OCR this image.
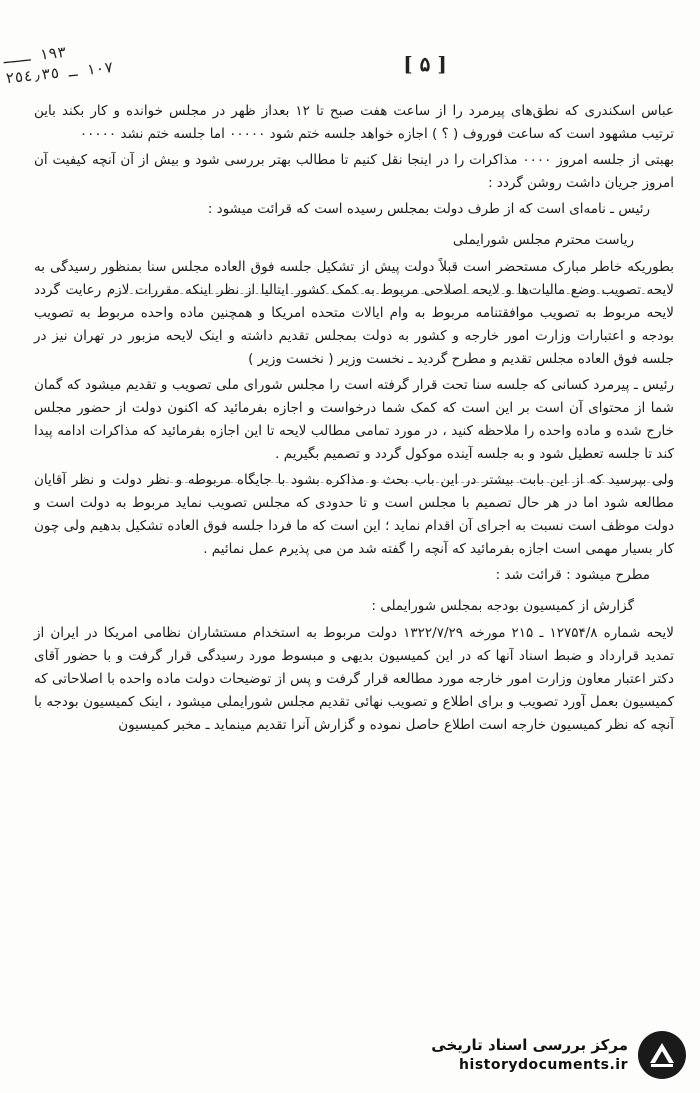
١٩٣ ـــ
١٠٧ ـ ٢٥٤٫٣٥	[ ۵ ]

عباس اسکندری که نطق‌های پیرمرد را از ساعت هفت صبح تا ۱۲ بعداز ظهر در مجلس خوانده و کار بکند باین ترتیب مشهود است که ساعت فوروف ( ؟ ) اجازه خواهد جلسه ختم شود ۰۰۰۰۰ اما جلسه ختم نشد ۰۰۰۰۰

بهبتی از جلسه امروز ۰۰۰۰ مذاکرات را در اینجا نقل کنیم تا مطالب بهتر بررسی شود و بیش از آن آنچه کیفیت آن امروز جریان داشت روشن گردد :

رئیس ـ نامه‌ای است که از طرف دولت بمجلس رسیده است که قرائت میشود :

ریاست محترم مجلس شورایملی

بطوریکه خاطر مبارک مستحضر است قبلاً دولت پیش از تشکیل جلسه فوق العاده مجلس سنا بمنظور رسیدگی به لایحه تصویب وضع مالیات‌ها و لایحه اصلاحی مربوط به کمک کشور ایتالیا از نظر اینکه مقررات لازم رعایت گردد لایحه مربوط به تصویب موافقتنامه مربوط به وام ایالات متحده امریکا و همچنین ماده واحده مربوط به تصویب بودجه و اعتبارات وزارت امور خارجه و کشور به دولت بمجلس تقدیم داشته و اینک لایحه مزبور در تهران نیز در جلسه فوق العاده مجلس تقدیم و مطرح گردید ـ نخست وزیر ( نخست وزیر )

رئیس ـ پیرمرد کسانی که جلسه سنا تحت قرار گرفته است را مجلس شورای ملی تصویب و تقدیم میشود که گمان شما از محتوای آن است بر این است که کمک شما درخواست و اجازه بفرمائید که اکنون دولت از حضور مجلس خارج شده و ماده واحده را ملاحظه کنید ، در مورد تمامی مطالب لایحه تا این اجازه بفرمائید که مذاکرات ادامه پیدا کند تا جلسه تعطیل شود و به جلسه آینده موکول گردد و تصمیم بگیریم .

ولی بپرسید که از این بابت بیشتر در این باب بحث و مذاکره بشود با جایگاه مربوطه و نظر دولت و نظر آقایان مطالعه شود اما در هر حال تصمیم با مجلس است و تا حدودی که مجلس تصویب نماید مربوط به دولت است و دولت موظف است نسبت به اجرای آن اقدام نماید ؛ این است که ما فردا جلسه فوق العاده تشکیل بدهیم ولی چون کار بسیار مهمی است اجازه بفرمائید که آنچه را گفته شد من می پذیرم عمل نمائیم .

مطرح میشود : قرائت شد :

گزارش از کمیسیون بودجه بمجلس شورایملی :

لایحه شماره ۱۲۷۵۴/۸ ـ ۲۱۵ مورخه ۱۳۲۲/۷/۲۹ دولت مربوط به استخدام مستشاران نظامی امریکا در ایران از تمدید قرارداد و ضبط اسناد آنها که در این کمیسیون بدیهی و مبسوط مورد رسیدگی قرار گرفت و با حضور آقای دکتر اعتبار معاون وزارت امور خارجه مورد مطالعه قرار گرفت و پس از توضیحات دولت ماده واحده با اصلاحاتی که کمیسیون بعمل آورد تصویب و برای اطلاع و تصویب نهائی تقدیم مجلس شورایملی میشود ، اینک کمیسیون بودجه با آنچه که نظر کمیسیون خارجه است اطلاع حاصل نموده و گزارش آنرا تقدیم مینماید ـ مخبر کمیسیون

مرکز بررسی اسناد تاریخی
historydocuments.ir
